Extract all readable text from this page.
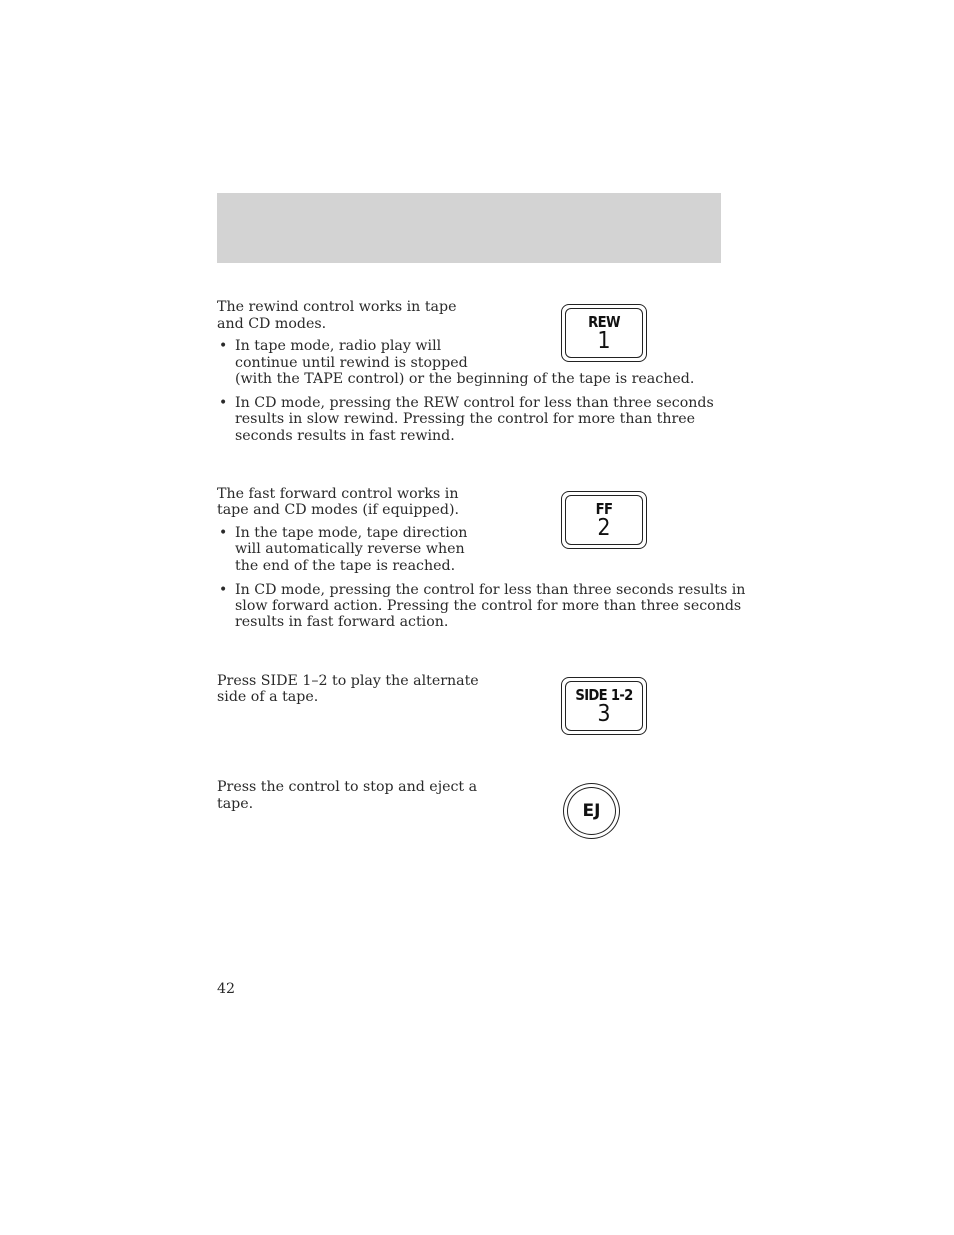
The rewind control works in tape
and CD modes.
• In tape mode, radio play will
continue until rewind is stopped
(with the TAPE control) or the beginning of the tape is reached.
• In CD mode, pressing the REW control for less than three seconds
results in slow rewind. Pressing the control for more than three
seconds results in fast rewind.
REW
1
The fast forward control works in
tape and CD modes (if equipped).
• In the tape mode, tape direction
will automatically reverse when
the end of the tape is reached.
• In CD mode, pressing the control for less than three seconds results in
slow forward action. Pressing the control for more than three seconds
results in fast forward action.
FF
2
Press SIDE 1–2 to play the alternate
side of a tape.	SIDE 1-2
3
Press the control to stop and eject a
tape.	EJ
42
